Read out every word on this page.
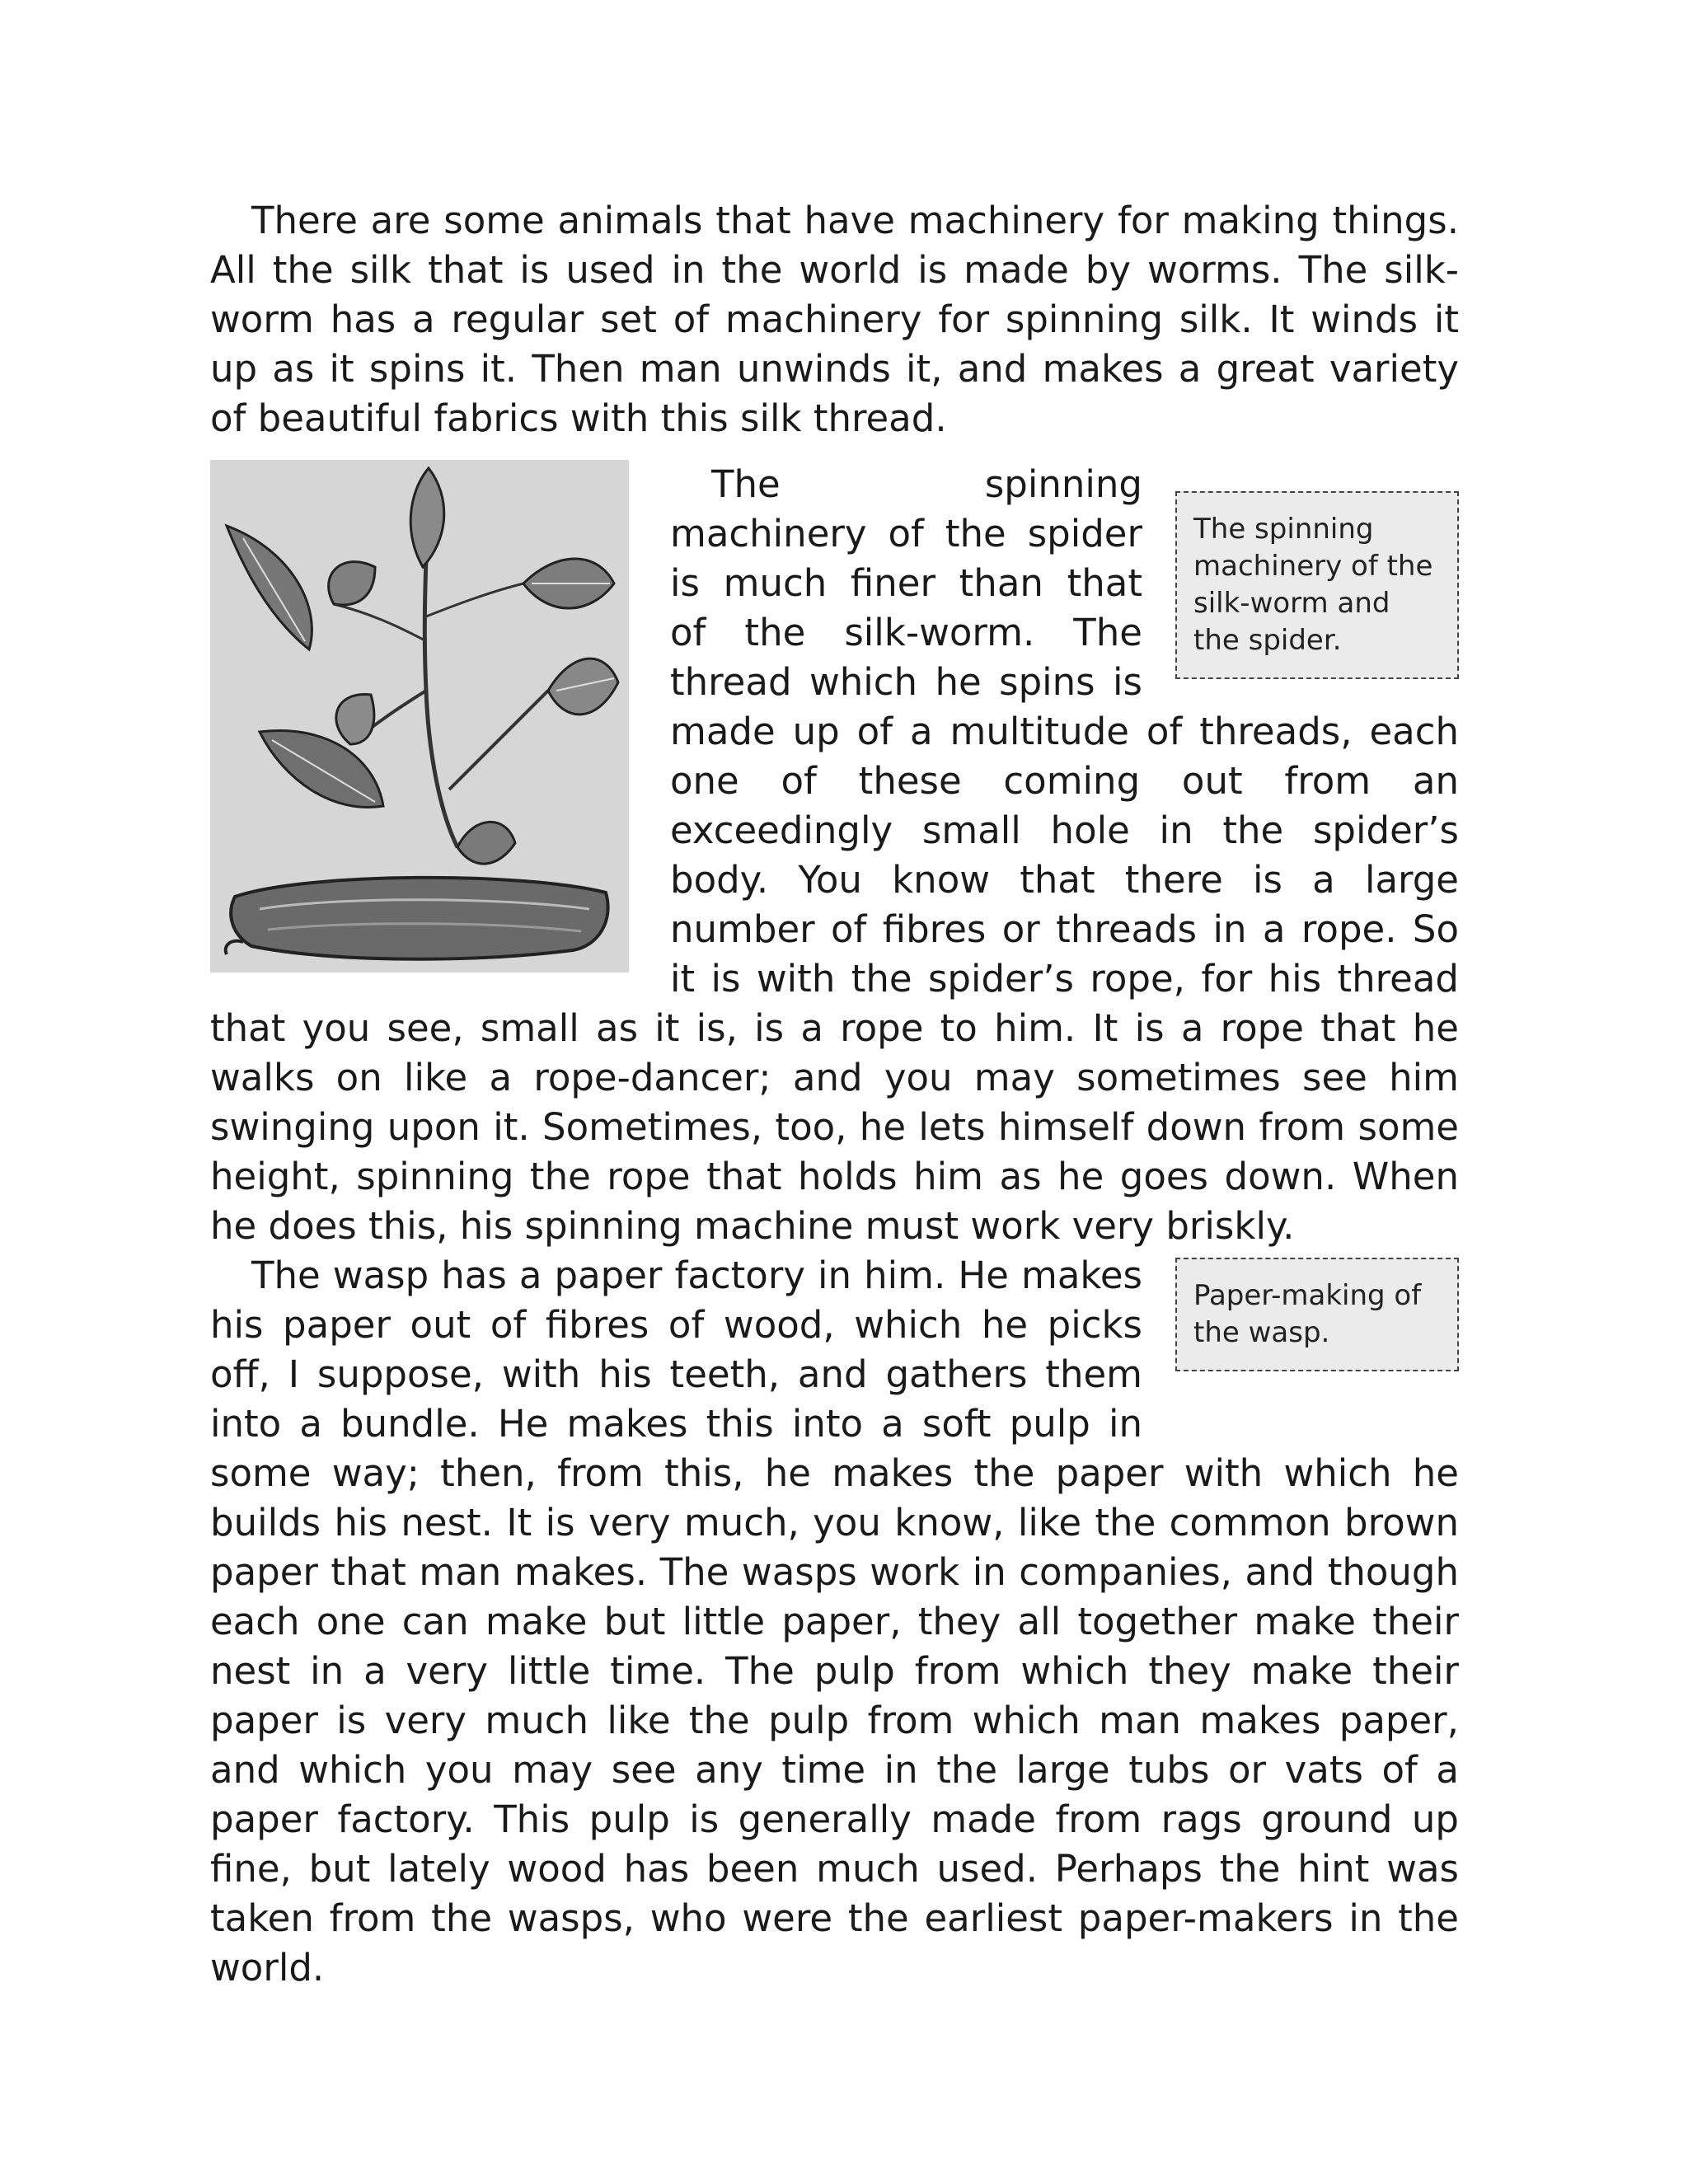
There are some animals that have machinery for making things. All the silk that is used in the world is made by worms. The silk-worm has a regular set of machinery for spinning silk. It winds it up as it spins it. Then man unwinds it, and makes a great variety of beautiful fabrics with this silk thread.

The spinning machinery of the silk-worm and the spider.

The spinning machinery of the spider is much finer than that of the silk-worm. The thread which he spins is made up of a multitude of threads, each one of these coming out from an exceedingly small hole in the spider’s body. You know that there is a large number of fibres or threads in a rope. So it is with the spider’s rope, for his thread that you see, small as it is, is a rope to him. It is a rope that he walks on like a rope-dancer; and you may sometimes see him swinging upon it. Sometimes, too, he lets himself down from some height, spinning the rope that holds him as he goes down. When he does this, his spinning machine must work very briskly.

Paper-making of the wasp.

The wasp has a paper factory in him. He makes his paper out of fibres of wood, which he picks off, I suppose, with his teeth, and gathers them into a bundle. He makes this into a soft pulp in some way; then, from this, he makes the paper with which he builds his nest. It is very much, you know, like the common brown paper that man makes. The wasps work in companies, and though each one can make but little paper, they all together make their nest in a very little time. The pulp from which they make their paper is very much like the pulp from which man makes paper, and which you may see any time in the large tubs or vats of a paper factory. This pulp is generally made from rags ground up fine, but lately wood has been much used. Perhaps the hint was taken from the wasps, who were the earliest paper-makers in the world.
